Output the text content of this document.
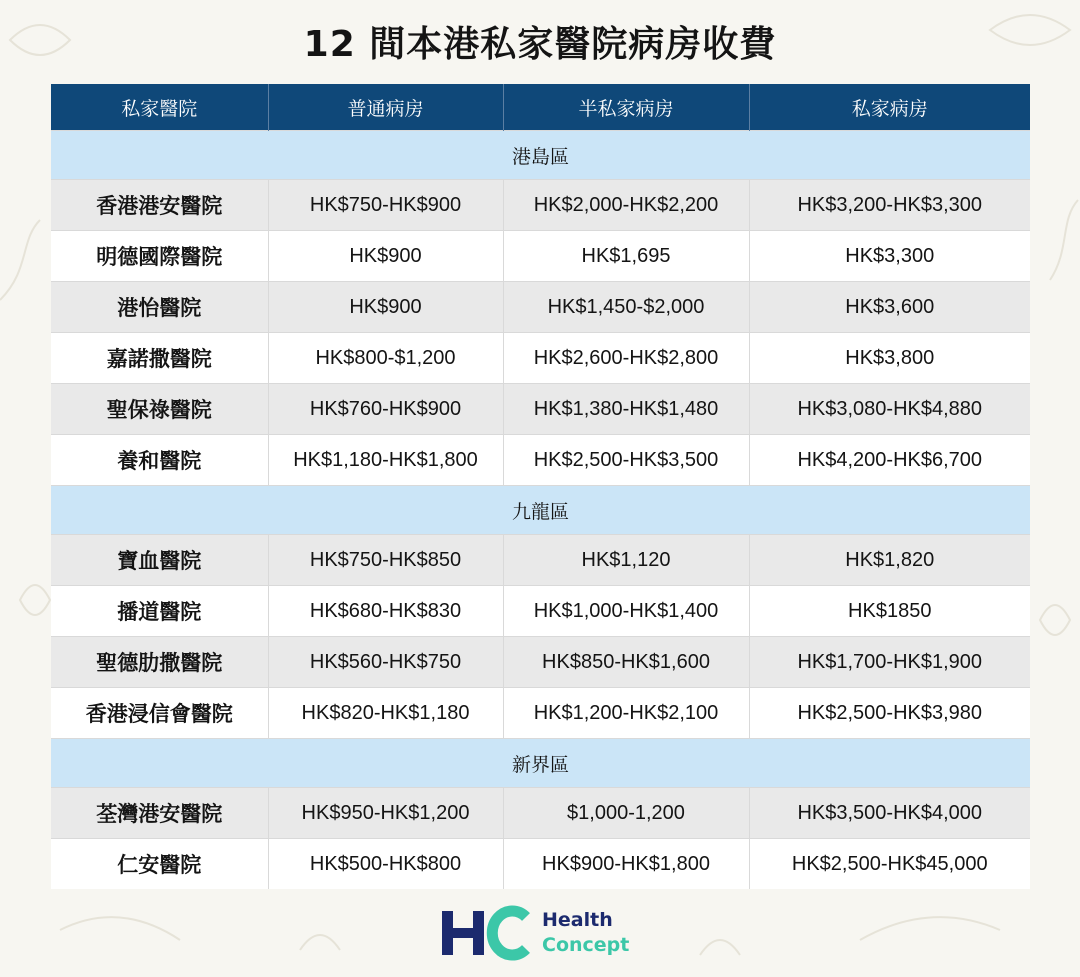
12 間本港私家醫院病房收費
私家醫院	普通病房	半私家病房	私家病房
港島區			
香港港安醫院	HK$750-HK$900	HK$2,000-HK$2,200	HK$3,200-HK$3,300
明德國際醫院	HK$900	HK$1,695	HK$3,300
港怡醫院	HK$900	HK$1,450-$2,000	HK$3,600
嘉諾撒醫院	HK$800-$1,200	HK$2,600-HK$2,800	HK$3,800
聖保祿醫院	HK$760-HK$900	HK$1,380-HK$1,480	HK$3,080-HK$4,880
養和醫院	HK$1,180-HK$1,800	HK$2,500-HK$3,500	HK$4,200-HK$6,700
九龍區			
寶血醫院	HK$750-HK$850	HK$1,120	HK$1,820
播道醫院	HK$680-HK$830	HK$1,000-HK$1,400	HK$1850
聖德肋撒醫院	HK$560-HK$750	HK$850-HK$1,600	HK$1,700-HK$1,900
香港浸信會醫院	HK$820-HK$1,180	HK$1,200-HK$2,100	HK$2,500-HK$3,980
新界區			
荃灣港安醫院	HK$950-HK$1,200	$1,000-1,200	HK$3,500-HK$4,000
仁安醫院	HK$500-HK$800	HK$900-HK$1,800	HK$2,500-HK$45,000
Health
Concept
